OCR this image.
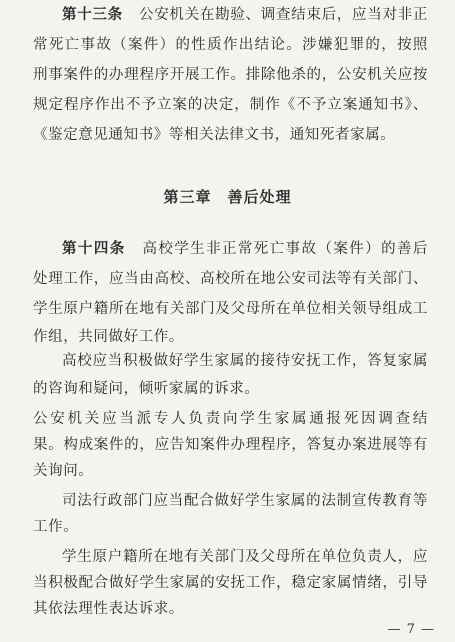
第十三条 公安机关在勘验、调查结束后，应当对非正
常死亡事故（案件）的性质作出结论。涉嫌犯罪的，按照
刑事案件的办理程序开展工作。排除他杀的，公安机关应按
规定程序作出不予立案的决定，制作《不予立案通知书》、
《鉴定意见通知书》等相关法律文书，通知死者家属。
第三章　善后处理
第十四条 高校学生非正常死亡事故（案件）的善后
处理工作，应当由高校、高校所在地公安司法等有关部门、
学生原户籍所在地有关部门及父母所在单位相关领导组成工
作组，共同做好工作。
高校应当积极做好学生家属的接待安抚工作，答复家属
的咨询和疑问，倾听家属的诉求。
公安机关应当派专人负责向学生家属通报死因调查结
果。构成案件的，应告知案件办理程序，答复办案进展等有
关询问。
司法行政部门应当配合做好学生家属的法制宣传教育等
工作。
学生原户籍所在地有关部门及父母所在单位负责人，应
当积极配合做好学生家属的安抚工作，稳定家属情绪，引导
其依法理性表达诉求。
— 7 —
